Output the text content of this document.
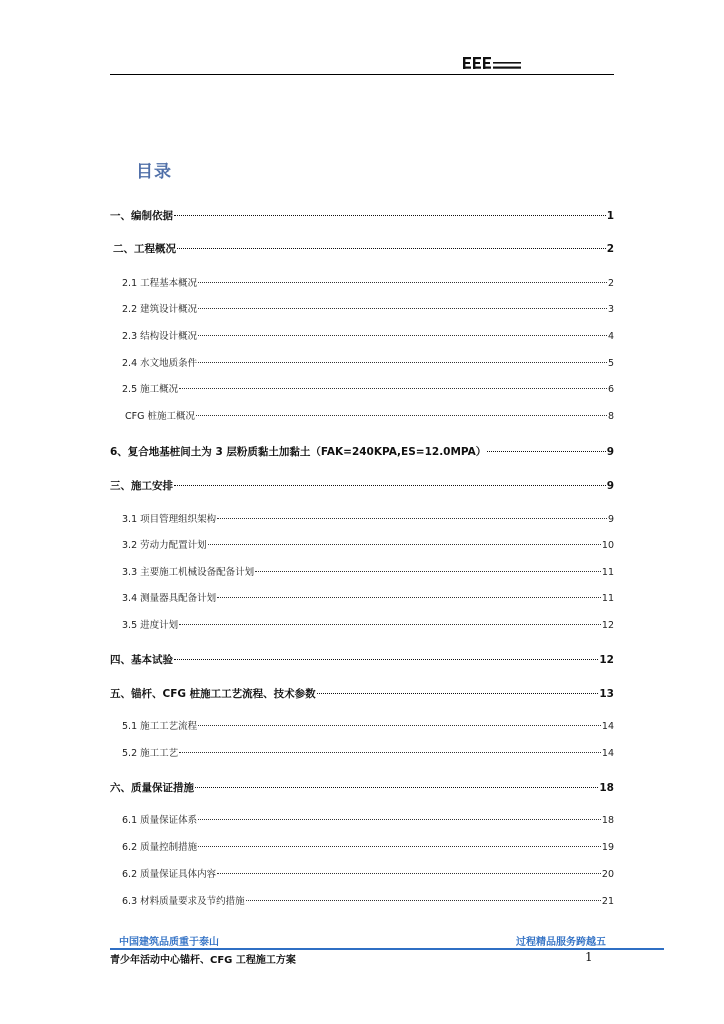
目录
一、编制依据	1
二、工程概况	2
2.1 工程基本概况	2
2.2 建筑设计概况	3
2.3 结构设计概况	4
2.4 水文地质条件	5
2.5 施工概况	6
CFG 桩施工概况	8
6、复合地基桩间土为 3 层粉质黏土加黏土（FAK=240KPA,ES=12.0MPA）	9
三、施工安排	9
3.1 项目管理组织架构	9
3.2 劳动力配置计划	10
3.3 主要施工机械设备配备计划	11
3.4 测量器具配备计划	11
3.5 进度计划	12
四、基本试验	12
五、锚杆、CFG 桩施工工艺流程、技术参数	13
5.1 施工工艺流程	14
5.2 施工工艺	14
六、质量保证措施	18
6.1 质量保证体系	18
6.2 质量控制措施	19
6.2 质量保证具体内容	20
6.3 材料质量要求及节约措施	21
中国建筑品质重于泰山	过程精品服务跨越五
青少年活动中心锚杆、CFG 工程施工方案	1
